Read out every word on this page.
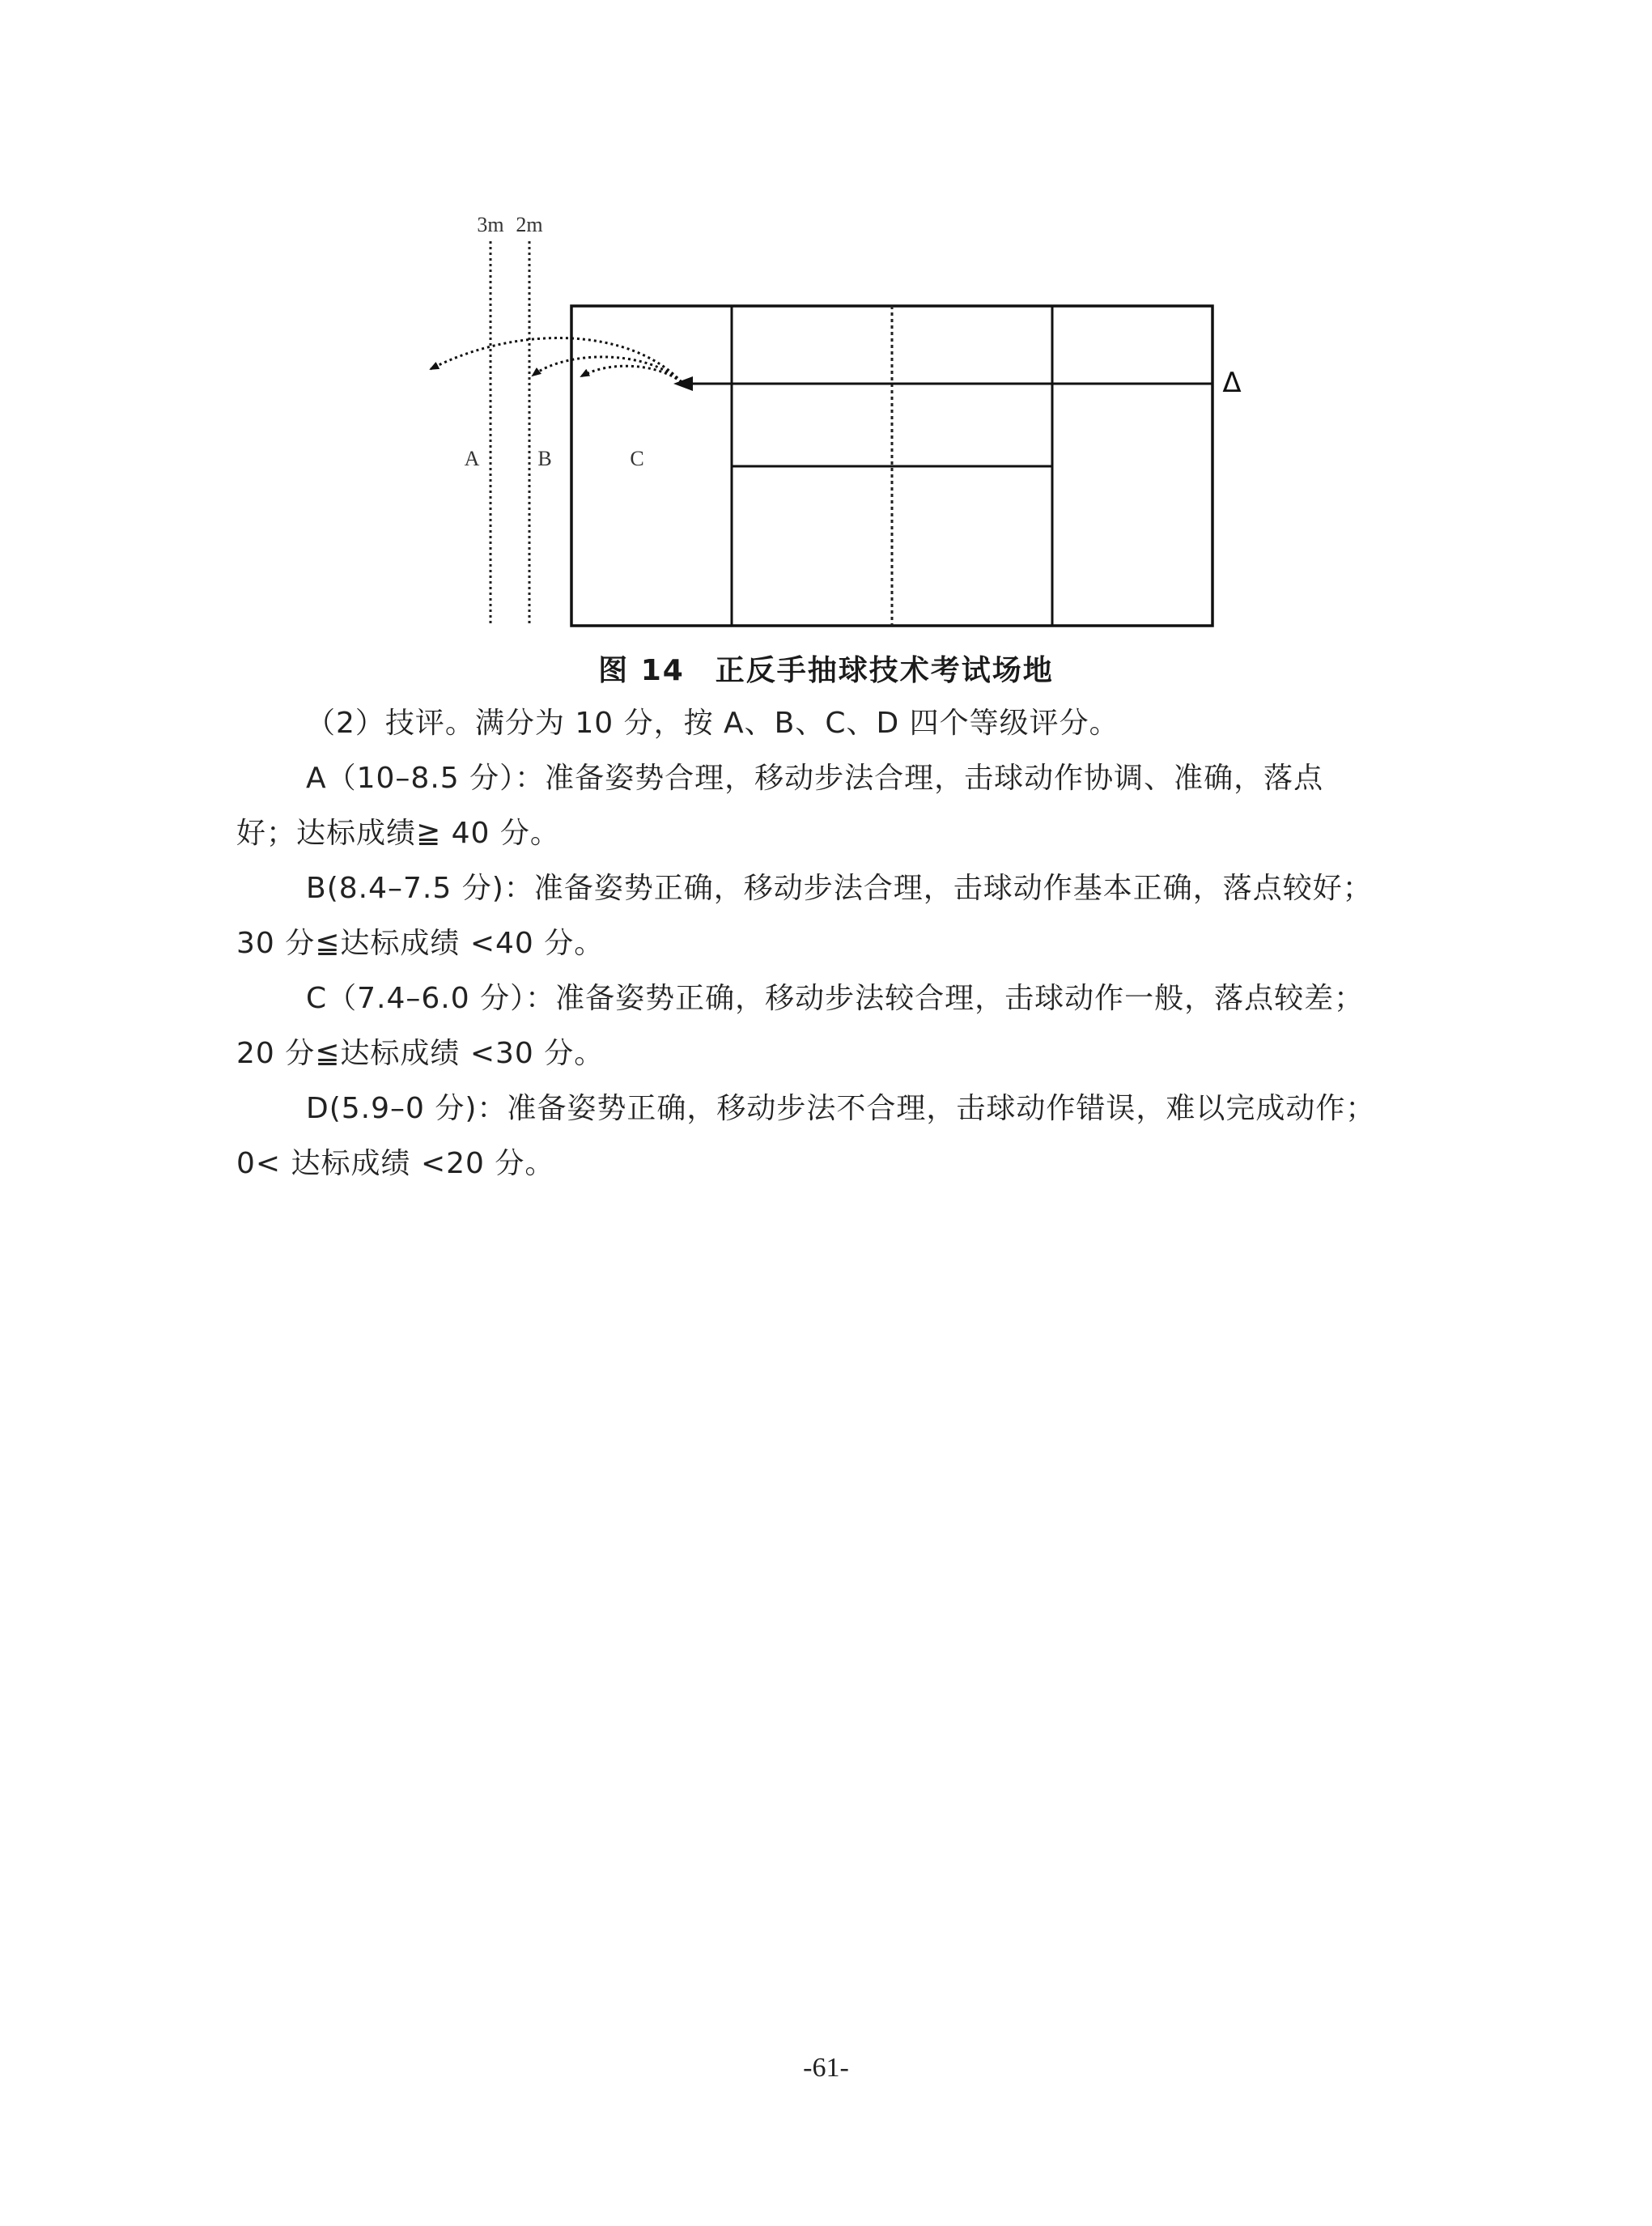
3m 2m
Δ
A	B	C
图 14　正反手抽球技术考试场地
（2）技评。满分为 10 分，按 A、B、C、D 四个等级评分。
A（10–8.5 分）：准备姿势合理，移动步法合理，击球动作协调、准确，落点
好；达标成绩≧ 40 分。
B(8.4–7.5 分)：准备姿势正确，移动步法合理，击球动作基本正确，落点较好；
30 分≦达标成绩 <40 分。
C（7.4–6.0 分）：准备姿势正确，移动步法较合理，击球动作一般，落点较差；
20 分≦达标成绩 <30 分。
D(5.9–0 分)：准备姿势正确，移动步法不合理，击球动作错误，难以完成动作；
0< 达标成绩 <20 分。
-61-
